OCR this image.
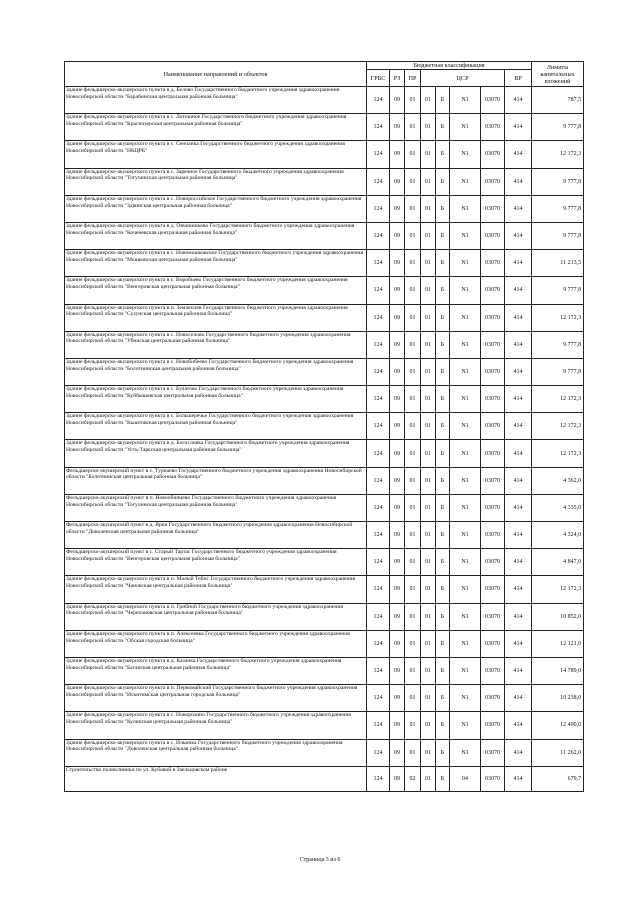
Наименование направлений и объектов	Бюджетная классификация								Лимиты капитальных вложений
	ГРБС	РЗ	ПР	ЦСР				ВР	
Здание фельдшерско-акушерского пункта в д. Белово Государственного бюджетного учреждения здравоохранения Новосибирской области "Барабинская центральная районная больница"	124	09	01	01	Б	N1	03070	414	787,5
Здание фельдшерско-акушерского пункта в с. Лотошное Государственного бюджетного учреждения здравоохранения Новосибирской области "Краснозерская центральная районная больница"	124	09	01	01	Б	N1	03070	414	9 777,8
Здание фельдшерско-акушерского пункта в с. Сенчанка Государственного бюджетного учреждения здравоохранения Новосибирской области "НКЦРБ"	124	09	01	01	Б	N1	03070	414	12 172,3
Здание фельдшерско-акушерского пункта в с. Заречное Государственного бюджетного учреждения здравоохранения Новосибирской области "Тогучинская центральная районная больница"	124	09	01	01	Б	N1	03070	414	9 777,8
Здание фельдшерско-акушерского пункта в с. Новороссийское Государственного бюджетного учреждения здравоохранения Новосибирской области "Здвинская центральная районная больница"	124	09	01	01	Б	N1	03070	414	9 777,8
Здание фельдшерско-акушерского пункта в д. Овчинниково Государственного бюджетного учреждения здравоохранения Новосибирской области "Коченевская центральная районная больница"	124	09	01	01	Б	N1	03070	414	9 777,8
Здание фельдшерско-акушерского пункта в с. Новомошковское Государственного бюджетного учреждения здравоохранения Новосибирской области "Мошковская центральная районная больница"	124	09	01	01	Б	N1	03070	414	11 213,5
Здание фельдшерско-акушерского пункта в с. Воробьево Государственного бюджетного учреждения здравоохранения Новосибирской области "Венгеровская центральная районная больница"	124	09	01	01	Б	N1	03070	414	9 777,8
Здание фельдшерско-акушерского пункта в п. Землеплев Государственного бюджетного учреждения здравоохранения Новосибирской области "Сузунская центральная районная больница"	124	09	01	01	Б	N1	03070	414	12 172,3
Здание фельдшерско-акушерского пункта в с. Новоселово Государственного бюджетного учреждения здравоохранения Новосибирской области "Убинская центральная районная больница"	124	09	01	01	Б	N1	03070	414	9 777,8
Здание фельдшерско-акушерского пункта в с. Новобибеево Государственного бюджетного учреждения здравоохранения Новосибирской области "Болотнинская центральная районная больница"	124	09	01	01	Б	N1	03070	414	9 777,8
Здание фельдшерско-акушерского пункта в с. Булатово Государственного бюджетного учреждения здравоохранения Новосибирской области "Куйбышевская центральная районная больница"	124	09	01	01	Б	N1	03070	414	12 172,3
Здание фельдшерско-акушерского пункта в с. Большеречье Государственного бюджетного учреждения здравоохранения Новосибирской области "Кыштовская центральная районная больница"	124	09	01	01	Б	N1	03070	414	12 172,3
Здание фельдшерско-акушерского пункта в д. Богословка Государственного бюджетного учреждения здравоохранения Новосибирской области "Усть-Таркская центральная районная больница"	124	09	01	01	Б	N1	03070	414	12 172,3
Фельдшерско-акушерский пункт в с. Турнаево Государственного бюджетного учреждения здравоохранения Новосибирской области "Болотнинская центральная районная больница"	124	09	01	01	Б	N1	03070	414	4 362,0
Фельдшерско-акушерский пункт в п. Новообинцево Государственного бюджетного учреждения здравоохранения Новосибирской области "Тогучинская центральная районная больница"	124	09	01	01	Б	N1	03070	414	4 335,0
Фельдшерско-акушерский пункт в д. Ярки Государственного бюджетного учреждения здравоохранения Новосибирской области "Доволенская центральная районная больница"	124	09	01	01	Б	N1	03070	414	4 324,0
Фельдшерско-акушерский пункт в с. Старый Тартас Государственного бюджетного учреждения здравоохранения Новосибирской области "Венгеровская центральная районная больница"	124	09	01	01	Б	N1	03070	414	4 847,0
Здание фельдшерско-акушерского пункта в п. Малый Тебис Государственного бюджетного учреждения здравоохранения Новосибирской области "Чановская центральная районная больница"	124	09	01	01	Б	N1	03070	414	12 172,3
Здание фельдшерско-акушерского пункта в п. Грибной Государственного бюджетного учреждения здравоохранения Новосибирской области "Черепановская центральная районная больница"	124	09	01	01	Б	N1	03070	414	10 852,0
Здание фельдшерско-акушерского пункта в п. Алексеевка Государственного бюджетного учреждения здравоохранения Новосибирской области "Обская городская больница"	124	09	01	01	Б	N1	03070	414	12 121,0
Здание фельдшерско-акушерского пункта в д. Казанка Государственного бюджетного учреждения здравоохранения Новосибирской области "Баганская центральная районная больница"	124	09	01	01	Б	N1	03070	414	14 789,0
Здание фельдшерско-акушерского пункта в п. Первомайский Государственного бюджетного учреждения здравоохранения Новосибирской области "Искитимская центральная городская больница"	124	09	01	01	Б	N1	03070	414	10 238,0
Здание фельдшерско-акушерского пункта в с. Новорозино Государственного бюджетного учреждения здравоохранения Новосибирской области "Кулинская центральная районная больница"	124	09	01	01	Б	N1	03070	414	12 490,0
Здание фельдшерско-акушерского пункта в с. Ильинка Государственного бюджетного учреждения здравоохранения Новосибирской области "Доволенская центральная районная больница"	124	09	01	01	Б	N1	03070	414	11 262,0
Строительство поликлиники по ул. Кубовой в Заельцовском районе	124	09	02	01	Б	04	03070	414	679,7
Страница 3 из 6
